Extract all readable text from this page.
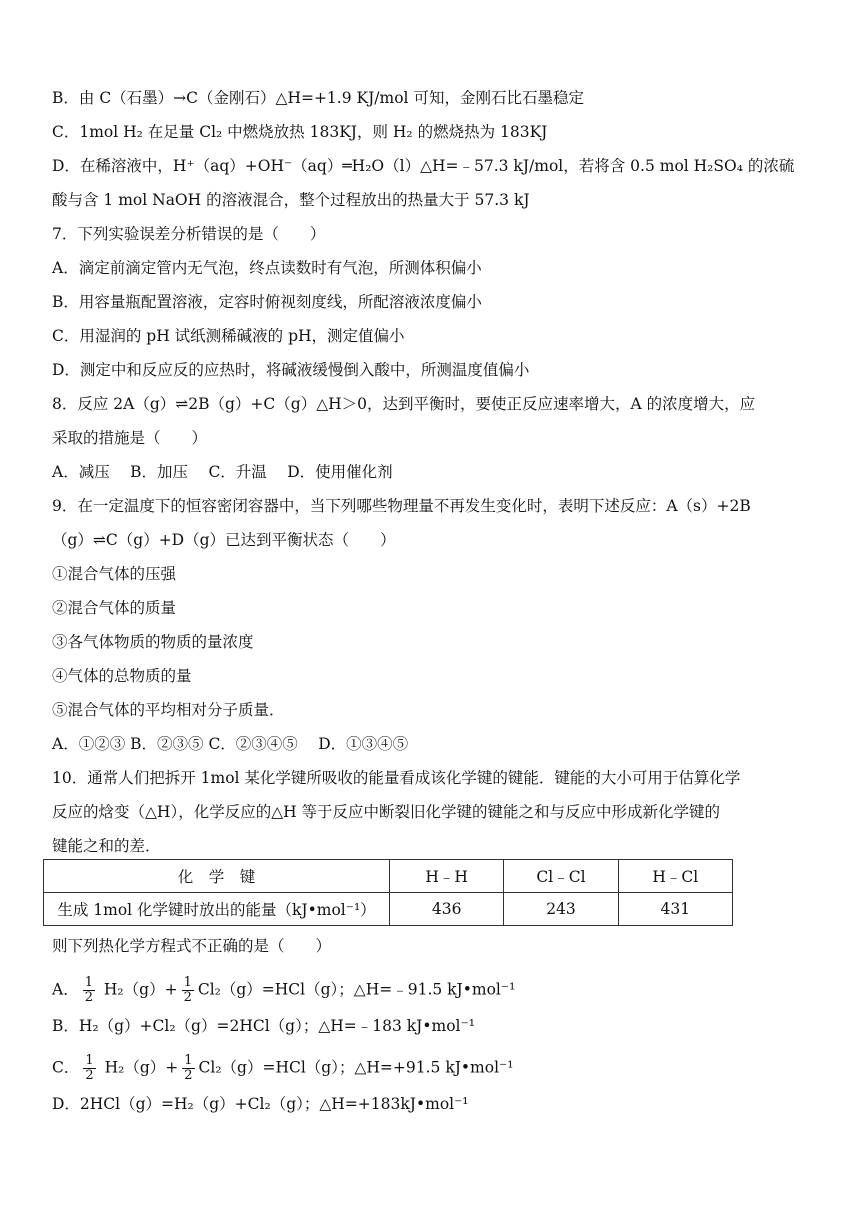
B．由 C（石墨）→C（金刚石）△H=+1.9 KJ/mol 可知，金刚石比石墨稳定
C．1mol H₂ 在足量 Cl₂ 中燃烧放热 183KJ，则 H₂ 的燃烧热为 183KJ
D．在稀溶液中，H⁺（aq）+OH⁻（aq）═H₂O（l）△H=﹣57.3 kJ/mol，若将含 0.5 mol H₂SO₄ 的浓硫
酸与含 1 mol NaOH 的溶液混合，整个过程放出的热量大于 57.3 kJ
7．下列实验误差分析错误的是（　　）
A．滴定前滴定管内无气泡，终点读数时有气泡，所测体积偏小
B．用容量瓶配置溶液，定容时俯视刻度线，所配溶液浓度偏小
C．用湿润的 pH 试纸测稀碱液的 pH，测定值偏小
D．测定中和反应反的应热时，将碱液缓慢倒入酸中，所测温度值偏小
8．反应 2A（g）⇌2B（g）+C（g）△H＞0，达到平衡时，要使正反应速率增大，A 的浓度增大，应
采取的措施是（　　）
A．减压　 B．加压　 C．升温　 D．使用催化剂
9．在一定温度下的恒容密闭容器中，当下列哪些物理量不再发生变化时，表明下述反应：A（s）+2B
（g）⇌C（g）+D（g）已达到平衡状态（　　）
①混合气体的压强
②混合气体的质量
③各气体物质的物质的量浓度
④气体的总物质的量
⑤混合气体的平均相对分子质量．
A．①②③ B．②③⑤ C．②③④⑤　 D．①③④⑤
10．通常人们把拆开 1mol 某化学键所吸收的能量看成该化学键的键能．键能的大小可用于估算化学
反应的焓变（△H），化学反应的△H 等于反应中断裂旧化学键的键能之和与反应中形成新化学键的
键能之和的差．
化　学　键	H﹣H	Cl﹣Cl	H﹣Cl
生成 1mol 化学键时放出的能量（kJ•mol⁻¹）	436	243	431
则下列热化学方程式不正确的是（　　）
A． $\frac{1}{2} H_2(g)+ \frac{1}{2} Cl_2(g)=HCl(g)$；△H=﹣91.5 kJ•mol⁻¹
B．H₂（g）+Cl₂（g）=2HCl（g）；△H=﹣183 kJ•mol⁻¹
C． $\frac{1}{2} H_2(g)+ \frac{1}{2} Cl_2(g)=HCl(g)$；△H=+91.5 kJ•mol⁻¹
D．2HCl（g）=H₂（g）+Cl₂（g）；△H=+183kJ•mol⁻¹
